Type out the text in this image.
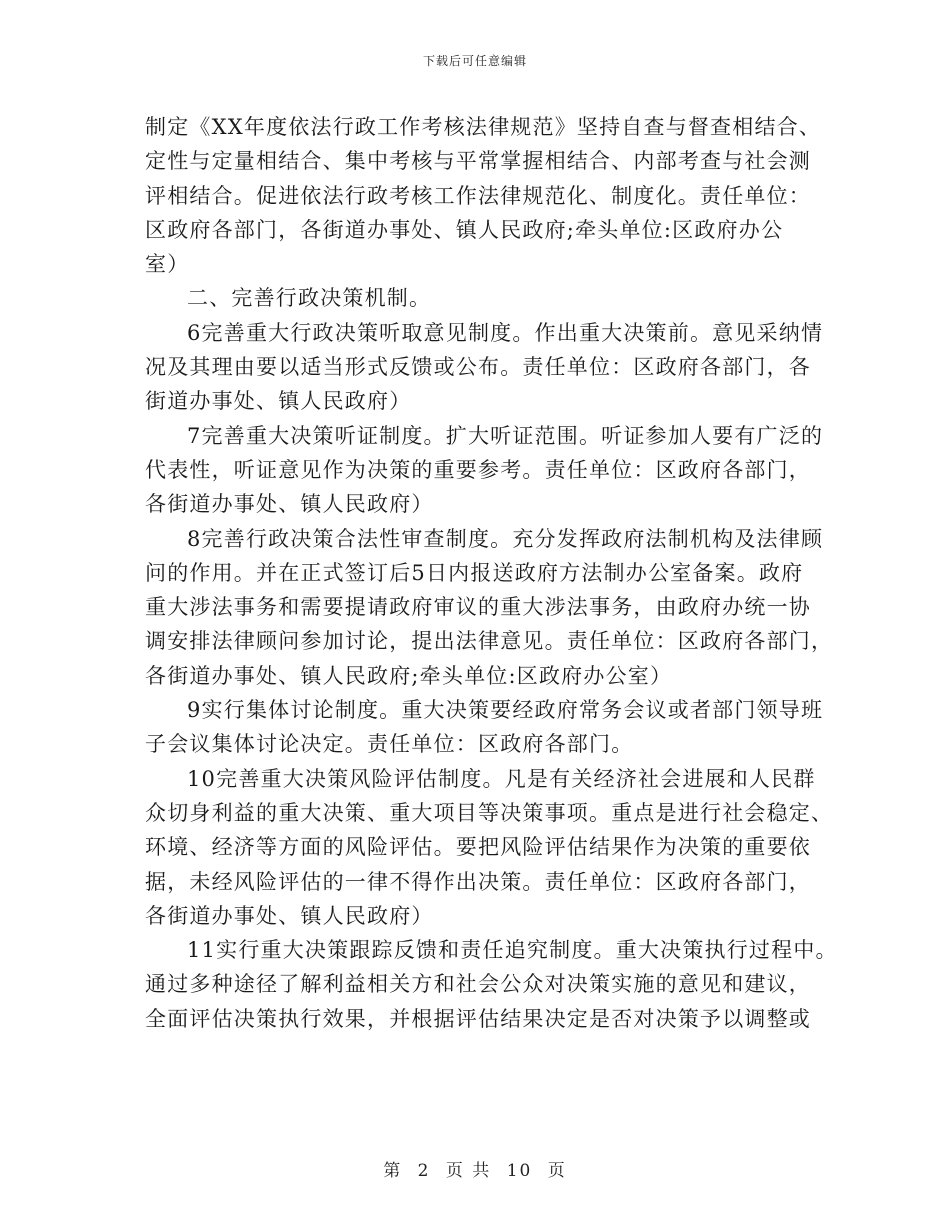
下载后可任意编辑
制定《XX年度依法行政工作考核法律规范》坚持自查与督查相结合、
定性与定量相结合、集中考核与平常掌握相结合、内部考查与社会测
评相结合。促进依法行政考核工作法律规范化、制度化。责任单位：
区政府各部门，各街道办事处、镇人民政府;牵头单位:区政府办公
室）
二、完善行政决策机制。
6完善重大行政决策听取意见制度。作出重大决策前。意见采纳情
况及其理由要以适当形式反馈或公布。责任单位：区政府各部门，各
街道办事处、镇人民政府）
7完善重大决策听证制度。扩大听证范围。听证参加人要有广泛的
代表性，听证意见作为决策的重要参考。责任单位：区政府各部门，
各街道办事处、镇人民政府）
8完善行政决策合法性审查制度。充分发挥政府法制机构及法律顾
问的作用。并在正式签订后5日内报送政府方法制办公室备案。政府
重大涉法事务和需要提请政府审议的重大涉法事务，由政府办统一协
调安排法律顾问参加讨论，提出法律意见。责任单位：区政府各部门，
各街道办事处、镇人民政府;牵头单位:区政府办公室）
9实行集体讨论制度。重大决策要经政府常务会议或者部门领导班
子会议集体讨论决定。责任单位：区政府各部门。
10完善重大决策风险评估制度。凡是有关经济社会进展和人民群
众切身利益的重大决策、重大项目等决策事项。重点是进行社会稳定、
环境、经济等方面的风险评估。要把风险评估结果作为决策的重要依
据，未经风险评估的一律不得作出决策。责任单位：区政府各部门，
各街道办事处、镇人民政府）
11实行重大决策跟踪反馈和责任追究制度。重大决策执行过程中。
通过多种途径了解利益相关方和社会公众对决策实施的意见和建议，
全面评估决策执行效果，并根据评估结果决定是否对决策予以调整或
第 2 页 共 10 页
